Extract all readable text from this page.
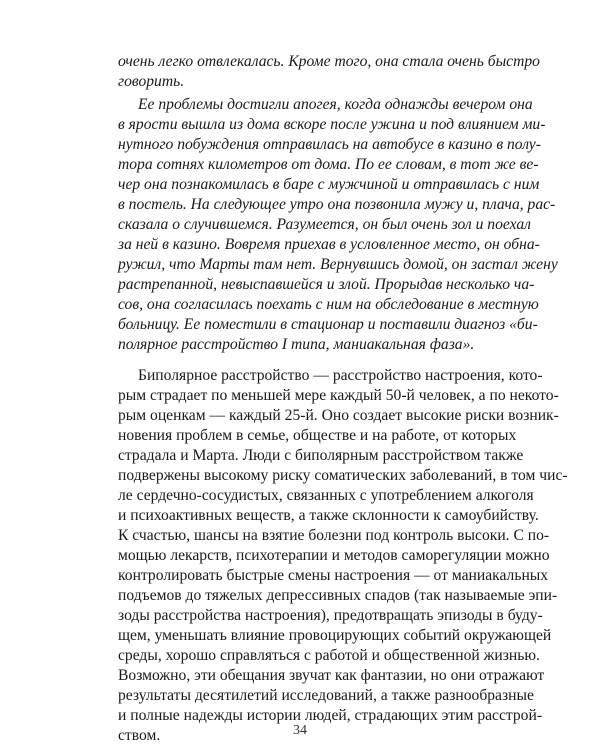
очень легко отвлекалась. Кроме того, она стала очень быстро
говорить.
Ее проблемы достигли апогея, когда однажды вечером она
в ярости вышла из дома вскоре после ужина и под влиянием ми-
нутного побуждения отправилась на автобусе в казино в полу-
тора сотнях километров от дома. По ее словам, в тот же ве-
чер она познакомилась в баре с мужчиной и отправилась с ним
в постель. На следующее утро она позвонила мужу и, плача, рас-
сказала о случившемся. Разумеется, он был очень зол и поехал
за ней в казино. Вовремя приехав в условленное место, он обна-
ружил, что Марты там нет. Вернувшись домой, он застал жену
растрепанной, невыспавшейся и злой. Прорыдав несколько ча-
сов, она согласилась поехать с ним на обследование в местную
больницу. Ее поместили в стационар и поставили диагноз «би-
полярное расстройство I типа, маниакальная фаза».
Биполярное расстройство — расстройство настроения, кото-
рым страдает по меньшей мере каждый 50-й человек, а по некото-
рым оценкам — каждый 25-й. Оно создает высокие риски возник-
новения проблем в семье, обществе и на работе, от которых
страдала и Марта. Люди с биполярным расстройством также
подвержены высокому риску соматических заболеваний, в том чис-
ле сердечно-сосудистых, связанных с употреблением алкоголя
и психоактивных веществ, а также склонности к самоубийству.
К счастью, шансы на взятие болезни под контроль высоки. С по-
мощью лекарств, психотерапии и методов саморегуляции можно
контролировать быстрые смены настроения — от маниакальных
подъемов до тяжелых депрессивных спадов (так называемые эпи-
зоды расстройства настроения), предотвращать эпизоды в буду-
щем, уменьшать влияние провоцирующих событий окружающей
среды, хорошо справляться с работой и общественной жизнью.
Возможно, эти обещания звучат как фантазии, но они отражают
результаты десятилетий исследований, а также разнообразные
и полные надежды истории людей, страдающих этим расстрой-
ством.	34
